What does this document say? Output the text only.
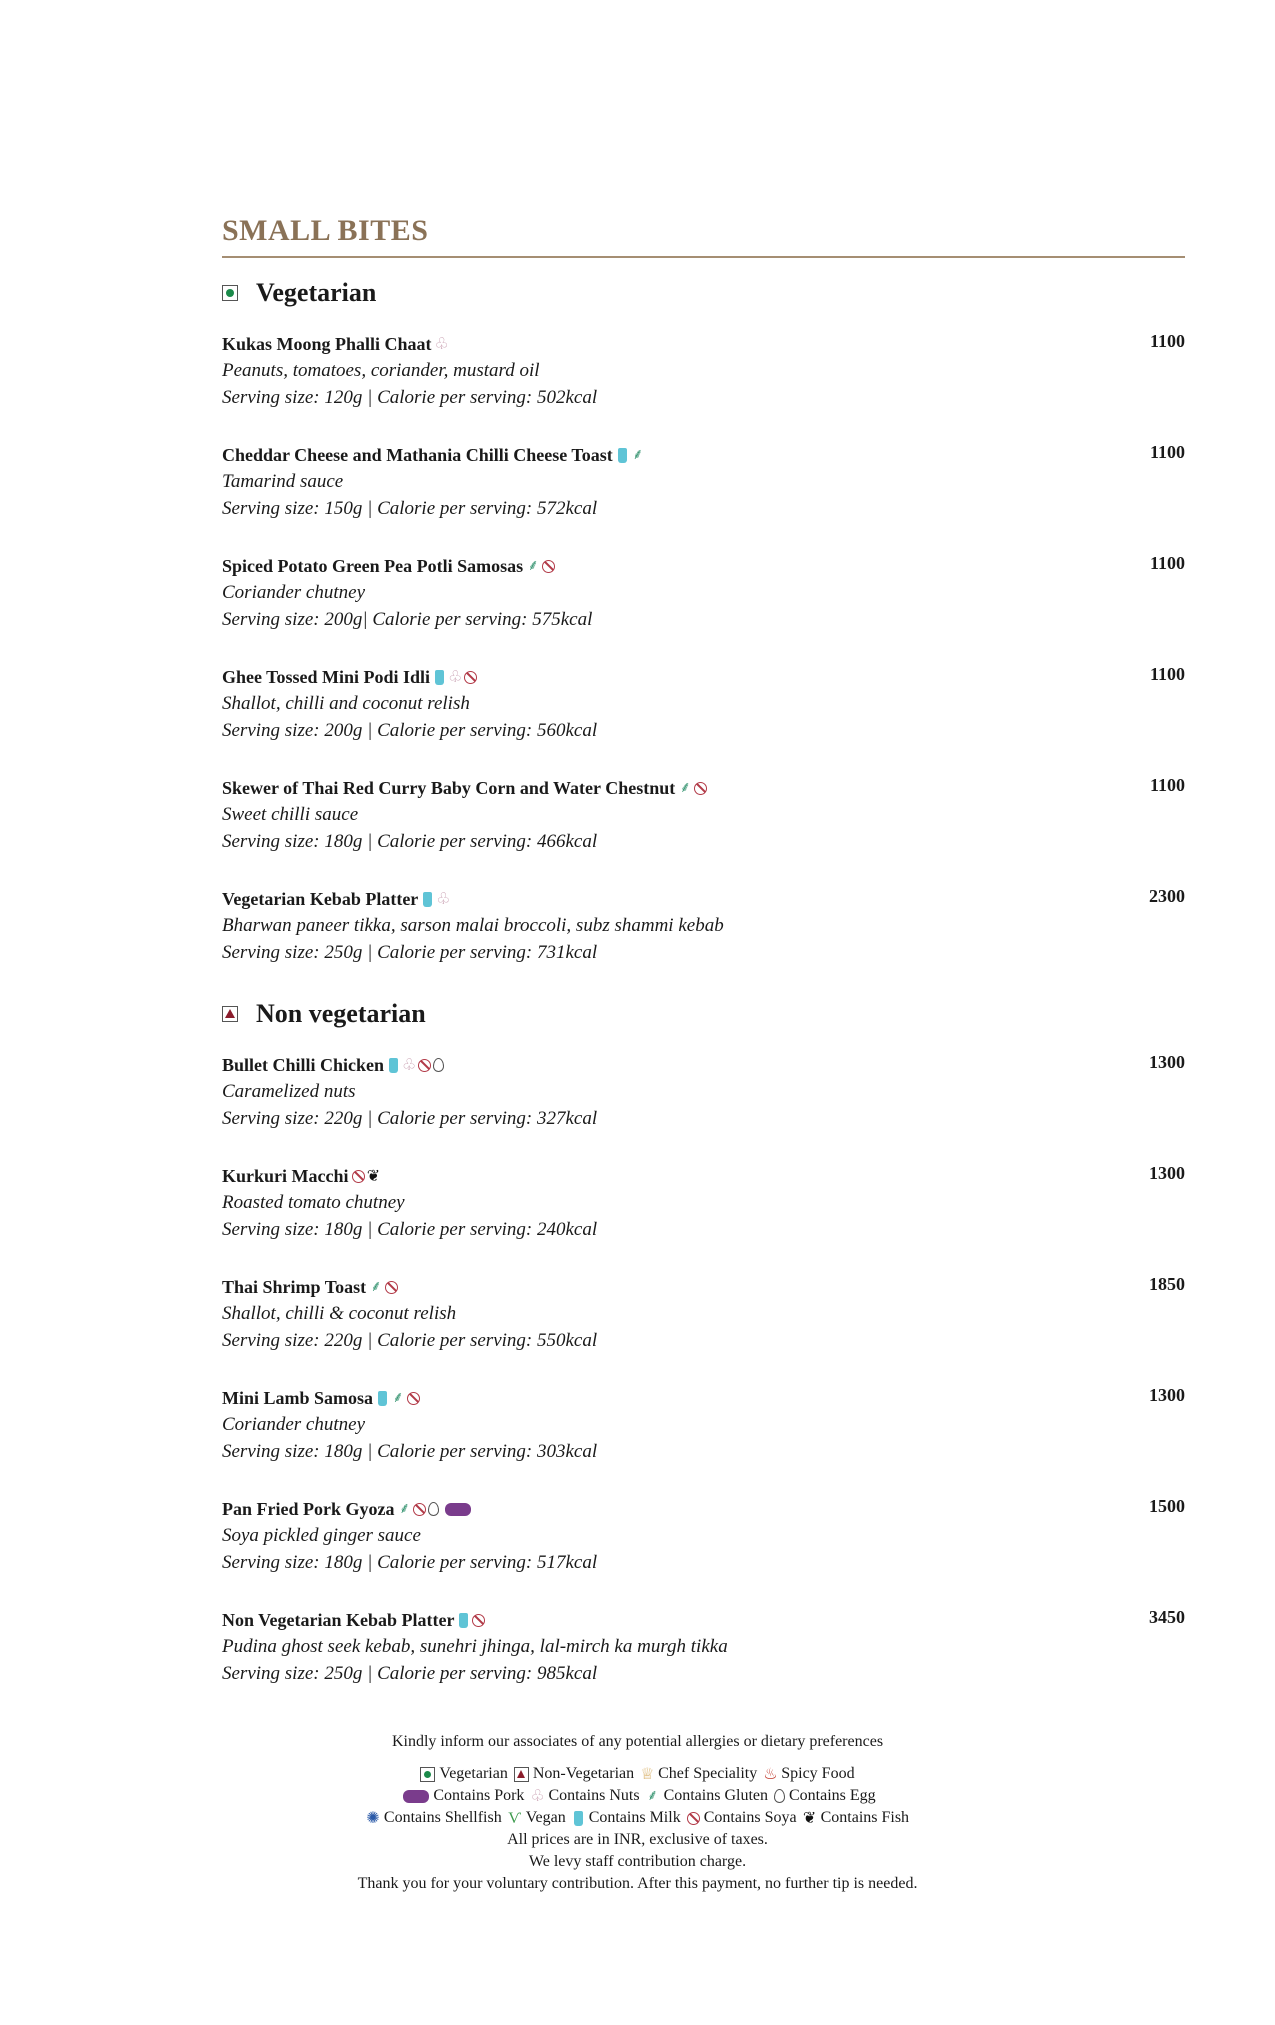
SMALL BITES
Vegetarian
Kukas Moong Phalli Chaat ♧	1100
Peanuts, tomatoes, coriander, mustard oil
Serving size: 120g | Calorie per serving: 502kcal
Cheddar Cheese and Mathania Chilli Cheese Toast ⸙	1100
Tamarind sauce
Serving size: 150g | Calorie per serving: 572kcal
Spiced Potato Green Pea Potli Samosas ⸙	1100
Coriander chutney
Serving size: 200g| Calorie per serving: 575kcal
Ghee Tossed Mini Podi Idli ♧	1100
Shallot, chilli and coconut relish
Serving size: 200g | Calorie per serving: 560kcal
Skewer of Thai Red Curry Baby Corn and Water Chestnut ⸙	1100
Sweet chilli sauce
Serving size: 180g | Calorie per serving: 466kcal
Vegetarian Kebab Platter ♧	2300
Bharwan paneer tikka, sarson malai broccoli, subz shammi kebab
Serving size: 250g | Calorie per serving: 731kcal
Non vegetarian
Bullet Chilli Chicken ♧	1300
Caramelized nuts
Serving size: 220g | Calorie per serving: 327kcal
Kurkuri Macchi ❦	1300
Roasted tomato chutney
Serving size: 180g | Calorie per serving: 240kcal
Thai Shrimp Toast ⸙	1850
Shallot, chilli & coconut relish
Serving size: 220g | Calorie per serving: 550kcal
Mini Lamb Samosa ⸙	1300
Coriander chutney
Serving size: 180g | Calorie per serving: 303kcal
Pan Fried Pork Gyoza ⸙	1500
Soya pickled ginger sauce
Serving size: 180g | Calorie per serving: 517kcal
Non Vegetarian Kebab Platter	3450
Pudina ghost seek kebab, sunehri jhinga, lal-mirch ka murgh tikka
Serving size: 250g | Calorie per serving: 985kcal
Kindly inform our associates of any potential allergies or dietary preferences
Vegetarian Non-Vegetarian ♕ Chef Speciality ♨ Spicy Food
Contains Pork ♧ Contains Nuts ⸙ Contains Gluten Contains Egg
✺ Contains Shellfish Ѵ Vegan Contains Milk Contains Soya ❦ Contains Fish
All prices are in INR, exclusive of taxes.
We levy staff contribution charge.
Thank you for your voluntary contribution. After this payment, no further tip is needed.
